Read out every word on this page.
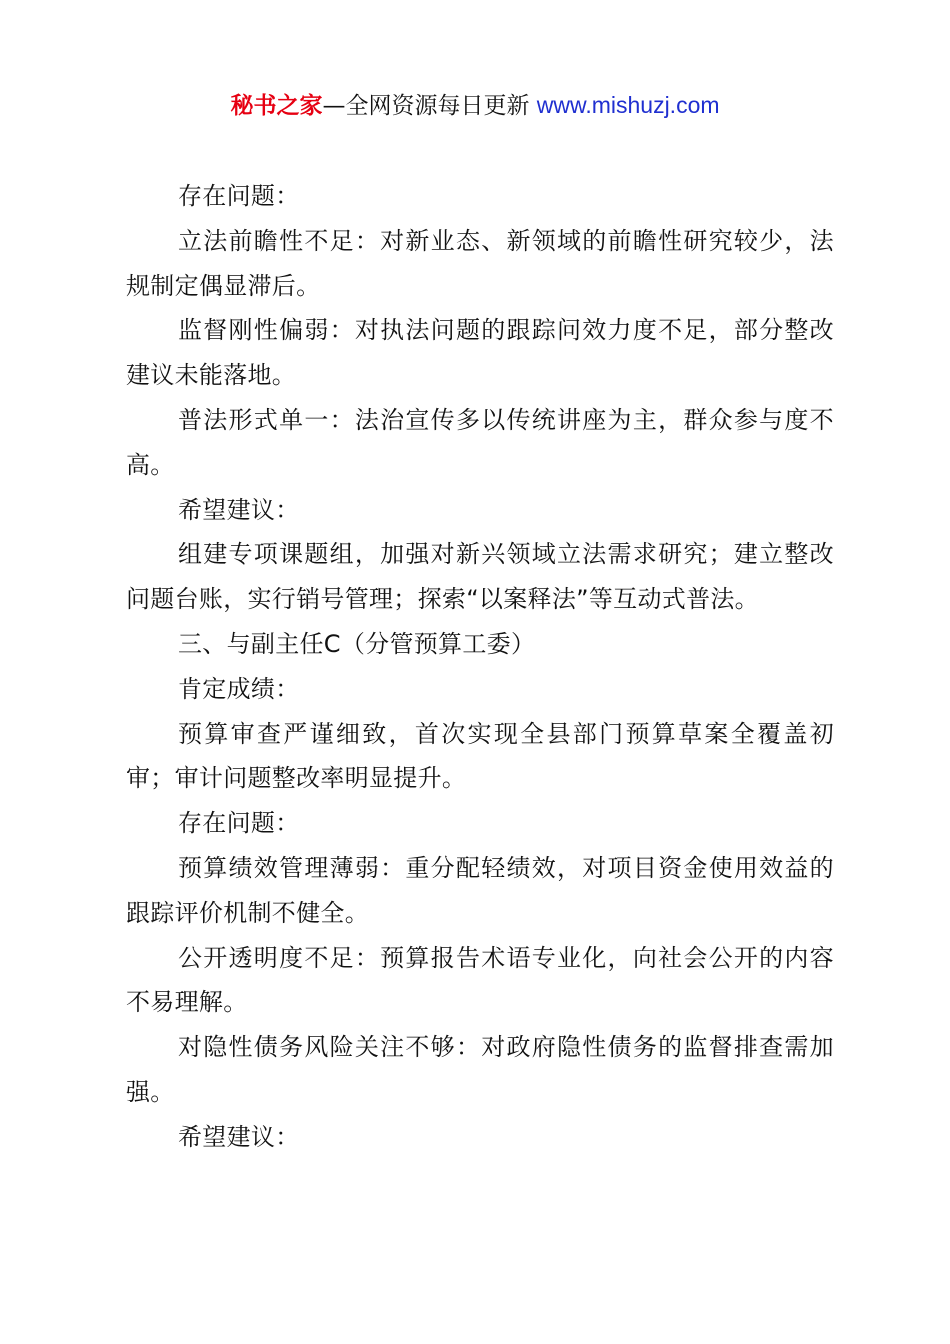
秘书之家—全网资源每日更新 www.mishuzj.com

存在问题：

立法前瞻性不足：对新业态、新领域的前瞻性研究较少，法规制定偶显滞后。

监督刚性偏弱：对执法问题的跟踪问效力度不足，部分整改建议未能落地。

普法形式单一：法治宣传多以传统讲座为主，群众参与度不高。

希望建议：

组建专项课题组，加强对新兴领域立法需求研究；建立整改问题台账，实行销号管理；探索“以案释法”等互动式普法。

三、与副主任C（分管预算工委）

肯定成绩：

预算审查严谨细致，首次实现全县部门预算草案全覆盖初审；审计问题整改率明显提升。

存在问题：

预算绩效管理薄弱：重分配轻绩效，对项目资金使用效益的跟踪评价机制不健全。

公开透明度不足：预算报告术语专业化，向社会公开的内容不易理解。

对隐性债务风险关注不够：对政府隐性债务的监督排查需加强。

希望建议：
